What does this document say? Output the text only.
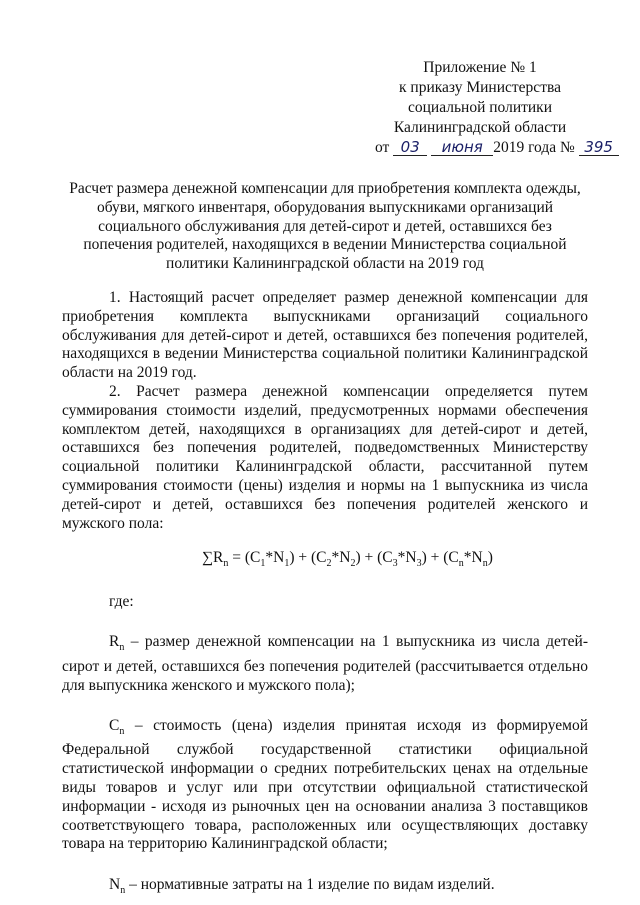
Приложение № 1
к приказу Министерства
социальной политики
Калининградской области
от 03 июня 2019 года № 395

Расчет размера денежной компенсации для приобретения комплекта одежды, обуви, мягкого инвентаря, оборудования выпускниками организаций социального обслуживания для детей-сирот и детей, оставшихся без попечения родителей, находящихся в ведении Министерства социальной политики Калининградской области на 2019 год

1. Настоящий расчет определяет размер денежной компенсации для приобретения комплекта выпускниками организаций социального обслуживания для детей-сирот и детей, оставшихся без попечения родителей, находящихся в ведении Министерства социальной политики Калининградской области на 2019 год.

2. Расчет размера денежной компенсации определяется путем суммирования стоимости изделий, предусмотренных нормами обеспечения комплектом детей, находящихся в организациях для детей-сирот и детей, оставшихся без попечения родителей, подведомственных Министерству социальной политики Калининградской области, рассчитанной путем суммирования стоимости (цены) изделия и нормы на 1 выпускника из числа детей-сирот и детей, оставшихся без попечения родителей женского и мужского пола:

$\sum R_n = (C_1*N_1) + (C_2*N_2) + (C_3*N_3) + (C_n*N_n)$

где:

$R_n$ – размер денежной компенсации на 1 выпускника из числа детей-сирот и детей, оставшихся без попечения родителей (рассчитывается отдельно для выпускника женского и мужского пола);

$C_n$ – стоимость (цена) изделия принятая исходя из формируемой Федеральной службой государственной статистики официальной статистической информации о средних потребительских ценах на отдельные виды товаров и услуг или при отсутствии официальной статистической информации - исходя из рыночных цен на основании анализа 3 поставщиков соответствующего товара, расположенных или осуществляющих доставку товара на территорию Калининградской области;

$N_n$ – нормативные затраты на 1 изделие по видам изделий.
